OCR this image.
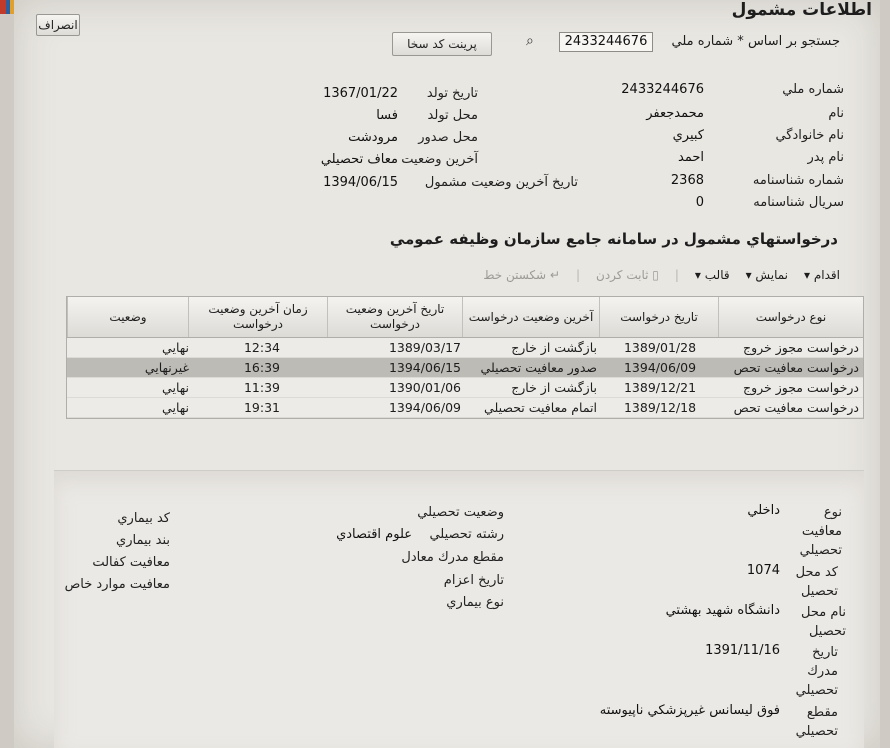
اطلاعات مشمول
انصراف
جستجو بر اساس * شماره ملي
2433244676
⌕
پرينت كد سخا
شماره ملي
2433244676
نام
محمدجعفر
نام خانوادگي
كبيري
نام پدر
احمد
شماره شناسنامه
2368
سريال شناسنامه
0
تاريخ تولد
1367/01/22
محل تولد
فسا
محل صدور
مرودشت
آخرين وضعيت
معاف تحصيلي
تاريخ آخرين وضعيت مشمول
1394/06/15
درخواستهاي مشمول در سامانه جامع سازمان وظيفه عمومي
اقدام ▾
نمايش ▾
قالب ▾
|
▯ ثابت كردن
|
↵ شكستن خط
نوع درخواست
تاريخ درخواست
آخرين وضعيت درخواست
تاريخ آخرين وضعيت درخواست
زمان آخرين وضعيت درخواست
وضعيت
درخواست مجوز خروج
1389/01/28
بازگشت از خارج
1389/03/17
12:34
نهايي
درخواست معافيت تحص
1394/06/09
صدور معافيت تحصيلي
1394/06/15
16:39
غيرنهايي
درخواست مجوز خروج
1389/12/21
بازگشت از خارج
1390/01/06
11:39
نهايي
درخواست معافيت تحص
1389/12/18
اتمام معافيت تحصيلي
1394/06/09
19:31
نهايي
نوع معافيت تحصيلي
داخلي
كد محل تحصيل
1074
نام محل تحصيل
دانشگاه شهيد بهشتي
تاريخ مدرك تحصيلي
1391/11/16
مقطع تحصيلي
فوق ليسانس غيرپزشكي ناپيوسته
وضعيت تحصيلي
رشته تحصيلي
علوم اقتصادي
مقطع مدرك معادل
تاريخ اعزام
نوع بيماري
كد بيماري
بند بيماري
معافيت كفالت
معافيت موارد خاص
